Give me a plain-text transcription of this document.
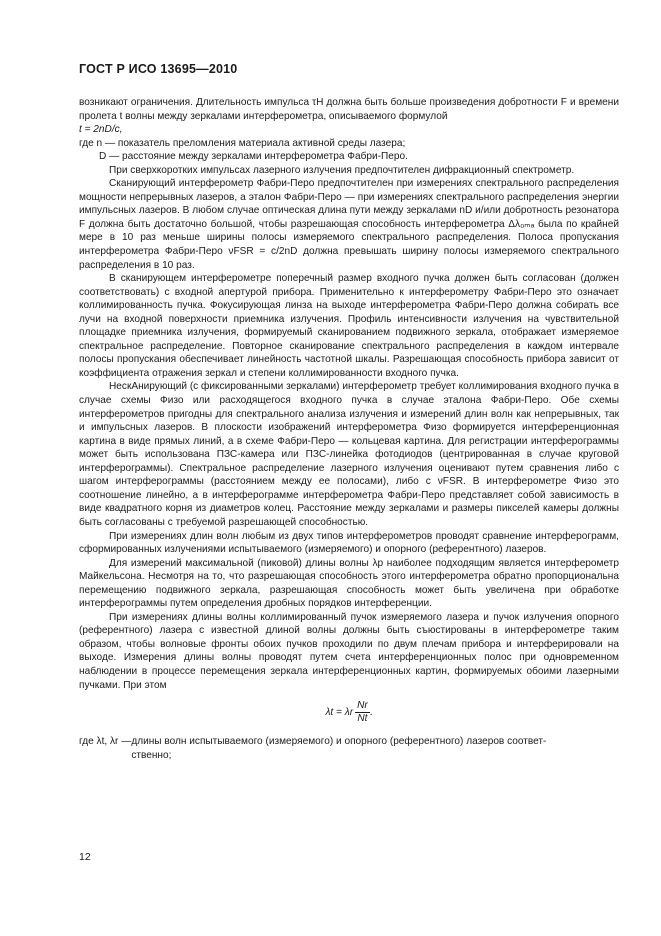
ГОСТ Р ИСО 13695—2010

возникают ограничения. Длительность импульса τH должна быть больше произведения добротности F и времени пролета t волны между зеркалами интерферометра, описываемого формулой

t = 2nD/c,

где n — показатель преломления материала активной среды лазера;

D — расстояние между зеркалами интерферометра Фабри-Перо.

При сверхкоротких импульсах лазерного излучения предпочтителен дифракционный спектрометр.

Сканирующий интерферометр Фабри-Перо предпочтителен при измерениях спектрального распределения мощности непрерывных лазеров, а эталон Фабри-Перо — при измерениях спектрального распределения энергии импульсных лазеров. В любом случае оптическая длина пути между зеркалами nD и/или добротность резонатора F должна быть достаточно большой, чтобы разрешающая способность интерферометра Δλ₀ₘₐ была по крайней мере в 10 раз меньше ширины полосы измеряемого спектрального распределения. Полоса пропускания интерферометра Фабри-Перо νFSR = c/2nD должна превышать ширину полосы измеряемого спектрального распределения в 10 раз.

В сканирующем интерферометре поперечный размер входного пучка должен быть согласован (должен соответствовать) с входной апертурой прибора. Применительно к интерферометру Фабри-Перо это означает коллимированность пучка. Фокусирующая линза на выходе интерферометра Фабри-Перо должна собирать все лучи на входной поверхности приемника излучения. Профиль интенсивности излучения на чувствительной площадке приемника излучения, формируемый сканированием подвижного зеркала, отображает измеряемое спектральное распределение. Повторное сканирование спектрального распределения в каждом интервале полосы пропускания обеспечивает линейность частотной шкалы. Разрешающая способность прибора зависит от коэффициента отражения зеркал и степени коллимированности входного пучка.

НескАнирующий (с фиксированными зеркалами) интерферометр требует коллимирования входного пучка в случае схемы Физо или расходящегося входного пучка в случае эталона Фабри-Перо. Обе схемы интерферометров пригодны для спектрального анализа излучения и измерений длин волн как непрерывных, так и импульсных лазеров. В плоскости изображений интерферометра Физо формируется интерференционная картина в виде прямых линий, а в схеме Фабри-Перо — кольцевая картина. Для регистрации интерферограммы может быть использована ПЗС-камера или ПЗС-линейка фотодиодов (центрированная в случае круговой интерферограммы). Спектральное распределение лазерного излучения оценивают путем сравнения либо с шагом интерферограммы (расстоянием между ее полосами), либо с νFSR. В интерферометре Физо это соотношение линейно, а в интерферограмме интерферометра Фабри-Перо представляет собой зависимость в виде квадратного корня из диаметров колец. Расстояние между зеркалами и размеры пикселей камеры должны быть согласованы с требуемой разрешающей способностью.

При измерениях длин волн любым из двух типов интерферометров проводят сравнение интерферограмм, сформированных излучениями испытываемого (измеряемого) и опорного (референтного) лазеров.

Для измерений максимальной (пиковой) длины волны λp наиболее подходящим является интерферометр Майкельсона. Несмотря на то, что разрешающая способность этого интерферометра обратно пропорциональна перемещению подвижного зеркала, разрешающая способность может быть увеличена при обработке интерферограммы путем определения дробных порядков интерференции.

При измерениях длины волны коллимированный пучок измеряемого лазера и пучок излучения опорного (референтного) лазера с известной длиной волны должны быть съюстированы в интерферометре таким образом, чтобы волновые фронты обоих пучков проходили по двум плечам прибора и интерферировали на выходе. Измерения длины волны проводят путем счета интерференционных полос при одновременном наблюдении в процессе перемещения зеркала интерференционных картин, формируемых обоими лазерными пучками. При этом

λt = λr $\frac{Nr}{Nt}$ .
где λt, λr — длины волн испытываемого (измеряемого) и опорного (референтного) лазеров соответ-
ственно;
12
